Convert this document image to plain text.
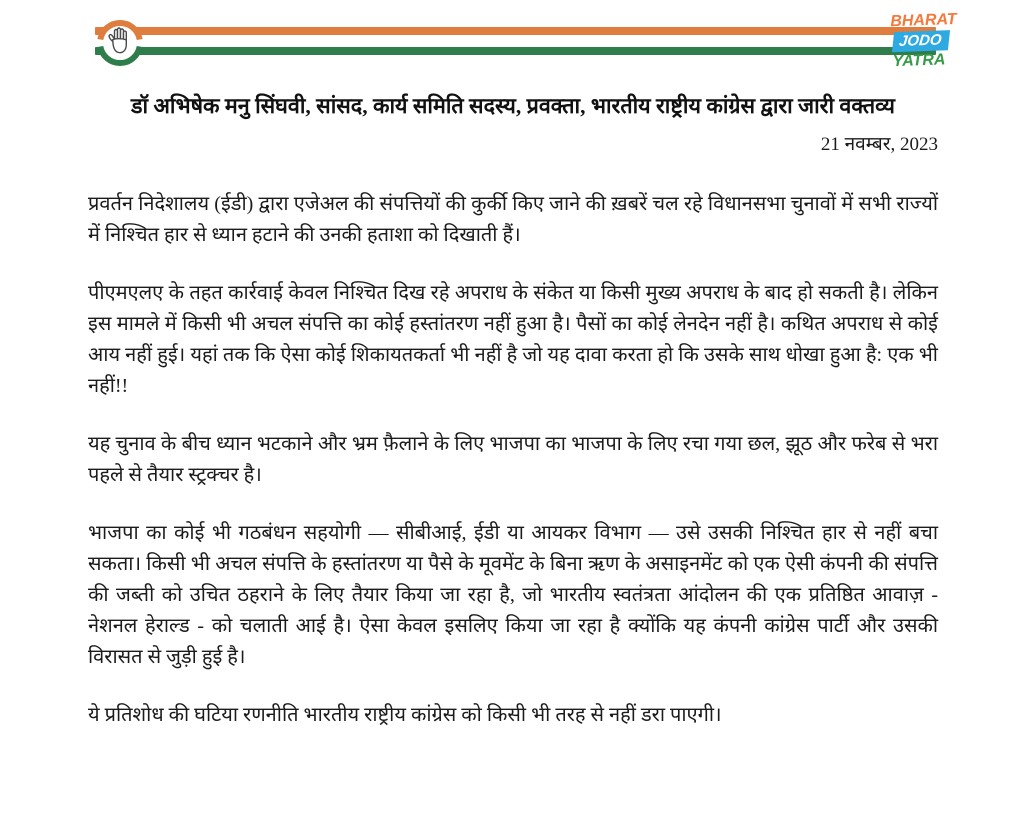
BHARAT
JODO
YATRA
डॉ अभिषेक मनु सिंघवी, सांसद, कार्य समिति सदस्य, प्रवक्ता, भारतीय राष्ट्रीय कांग्रेस द्वारा जारी वक्तव्य
21 नवम्बर, 2023

प्रवर्तन निदेशालय (ईडी) द्वारा एजेअल की संपत्तियों की कुर्की किए जाने की ख़बरें चल रहे विधानसभा चुनावों में सभी राज्यों में निश्चित हार से ध्यान हटाने की उनकी हताशा को दिखाती हैं।

पीएमएलए के तहत कार्रवाई केवल निश्चित दिख रहे अपराध के संकेत या किसी मुख्य अपराध के बाद हो सकती है। लेकिन इस मामले में किसी भी अचल संपत्ति का कोई हस्तांतरण नहीं हुआ है। पैसों का कोई लेनदेन नहीं है। कथित अपराध से कोई आय नहीं हुई। यहां तक कि ऐसा कोई शिकायतकर्ता भी नहीं है जो यह दावा करता हो कि उसके साथ धोखा हुआ है: एक भी नहीं!!

यह चुनाव के बीच ध्यान भटकाने और भ्रम फ़ैलाने के लिए भाजपा का भाजपा के लिए रचा गया छल, झूठ और फरेब से भरा पहले से तैयार स्ट्रक्चर है।

भाजपा का कोई भी गठबंधन सहयोगी — सीबीआई, ईडी या आयकर विभाग — उसे उसकी निश्चित हार से नहीं बचा सकता। किसी भी अचल संपत्ति के हस्तांतरण या पैसे के मूवमेंट के बिना ऋण के असाइनमेंट को एक ऐसी कंपनी की संपत्ति की जब्ती को उचित ठहराने के लिए तैयार किया जा रहा है, जो भारतीय स्वतंत्रता आंदोलन की एक प्रतिष्ठित आवाज़ - नेशनल हेराल्ड - को चलाती आई है। ऐसा केवल इसलिए किया जा रहा है क्योंकि यह कंपनी कांग्रेस पार्टी और उसकी विरासत से जुड़ी हुई है।

ये प्रतिशोध की घटिया रणनीति भारतीय राष्ट्रीय कांग्रेस को किसी भी तरह से नहीं डरा पाएगी।
